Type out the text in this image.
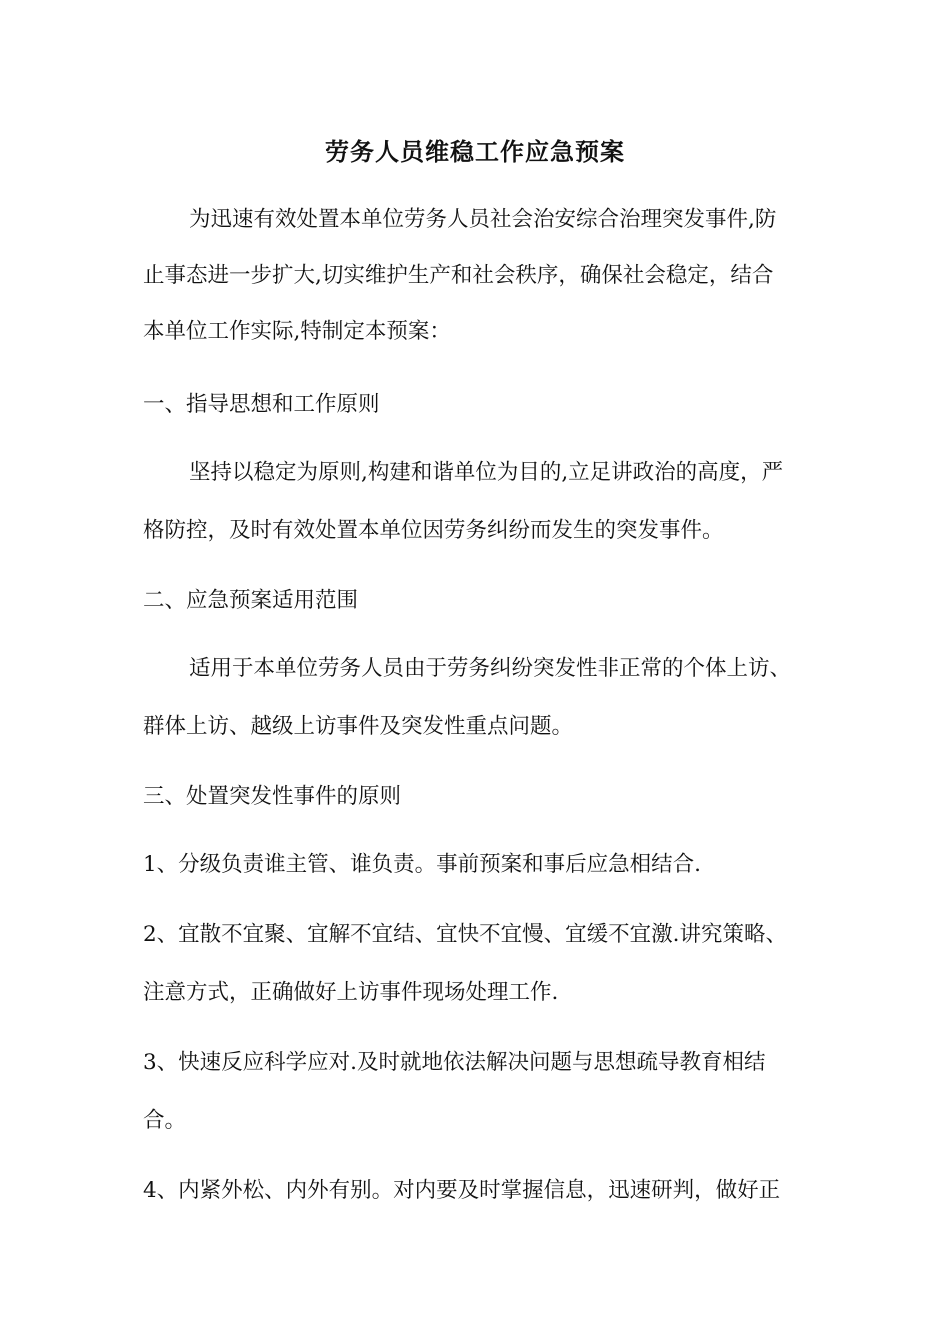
劳务人员维稳工作应急预案
为迅速有效处置本单位劳务人员社会治安综合治理突发事件,防
止事态进一步扩大,切实维护生产和社会秩序，确保社会稳定，结合
本单位工作实际,特制定本预案：
一、指导思想和工作原则
坚持以稳定为原则,构建和谐单位为目的,立足讲政治的高度，严
格防控，及时有效处置本单位因劳务纠纷而发生的突发事件。
二、应急预案适用范围
适用于本单位劳务人员由于劳务纠纷突发性非正常的个体上访、
群体上访、越级上访事件及突发性重点问题。
三、处置突发性事件的原则
1、分级负责谁主管、谁负责。事前预案和事后应急相结合.
2、宜散不宜聚、宜解不宜结、宜快不宜慢、宜缓不宜激.讲究策略、
注意方式，正确做好上访事件现场处理工作.
3、快速反应科学应对.及时就地依法解决问题与思想疏导教育相结
合。
4、内紧外松、内外有别。对内要及时掌握信息，迅速研判，做好正
